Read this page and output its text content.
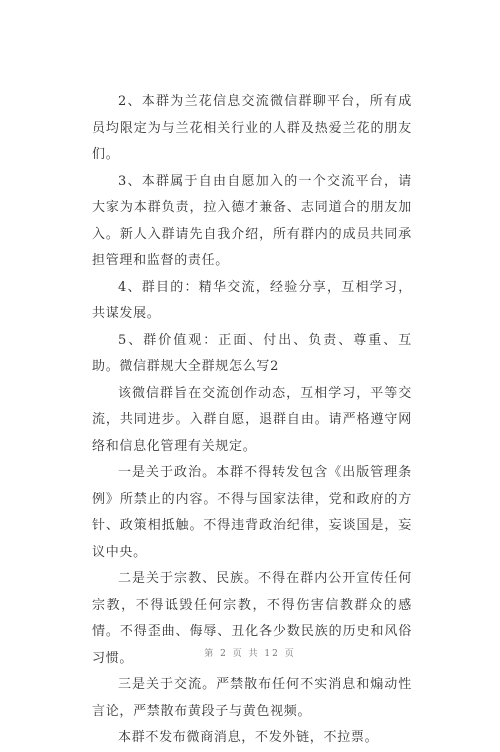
2、本群为兰花信息交流微信群聊平台，所有成员均限定为与兰花相关行业的人群及热爱兰花的朋友们。

3、本群属于自由自愿加入的一个交流平台，请大家为本群负责，拉入德才兼备、志同道合的朋友加入。新人入群请先自我介绍，所有群内的成员共同承担管理和监督的责任。

4、群目的：精华交流，经验分享，互相学习，共谋发展。

5、群价值观：正面、付出、负责、尊重、互助。微信群规大全群规怎么写2

该微信群旨在交流创作动态，互相学习，平等交流，共同进步。入群自愿，退群自由。请严格遵守网络和信息化管理有关规定。

一是关于政治。本群不得转发包含《出版管理条例》所禁止的内容。不得与国家法律，党和政府的方针、政策相抵触。不得违背政治纪律，妄谈国是，妄议中央。

二是关于宗教、民族。不得在群内公开宣传任何宗教，不得诋毁任何宗教，不得伤害信教群众的感情。不得歪曲、侮辱、丑化各少数民族的历史和风俗习惯。

三是关于交流。严禁散布任何不实消息和煽动性言论，严禁散布黄段子与黄色视频。

本群不发布微商消息，不发外链，不拉票。

第 2 页 共 12 页
